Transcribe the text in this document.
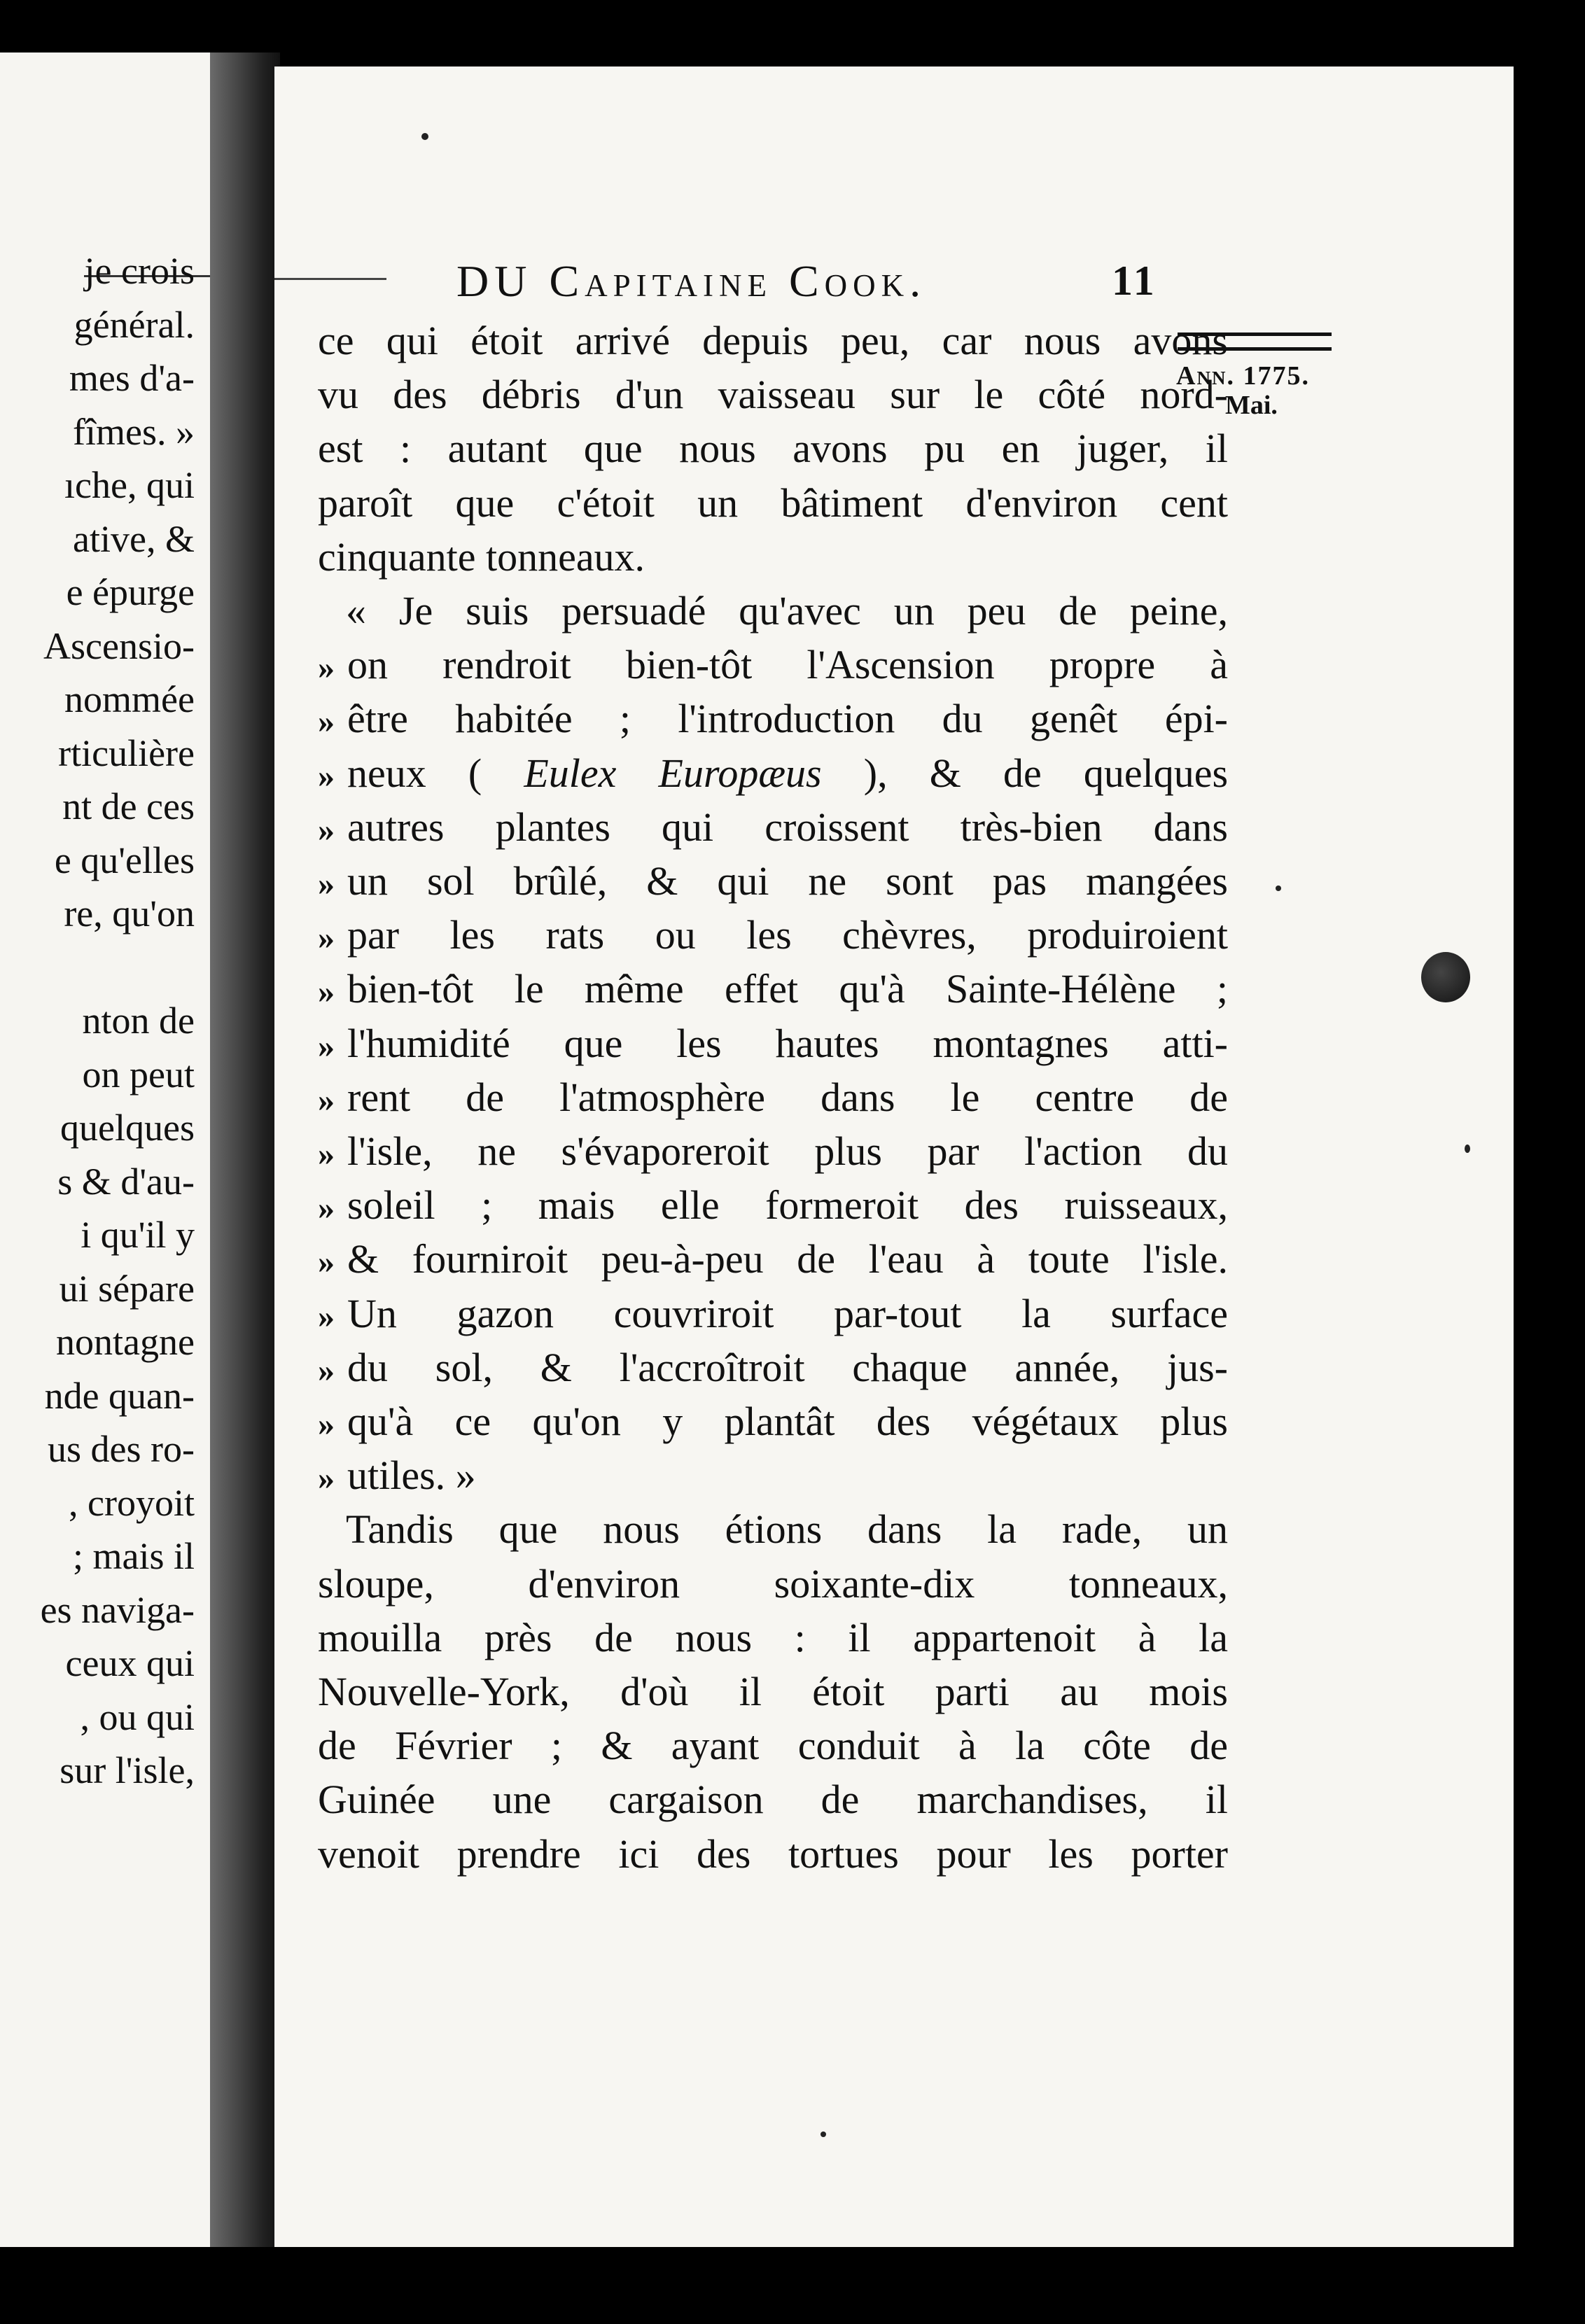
je crois
général.
mes d'a-
fîmes. »
ıche, qui
ative, &
e épurge
Ascensio-
nommée
rticulière
nt de ces
e qu'elles
re, qu'on
nton de
on peut
quelques
s & d'au-
i qu'il y
ui sépare
nontagne
nde quan-
us des ro-
, croyoit
; mais il
es naviga-
ceux qui
, ou qui
sur l'isle,
DU Capitaine Cook.	11
Ann. 1775.
Mai.
ce qui étoit arrivé depuis peu, car nous avons
vu des débris d'un vaisseau sur le côté nord-
est : autant que nous avons pu en juger, il
paroît que c'étoit un bâtiment d'environ cent
cinquante tonneaux.
« Je suis persuadé qu'avec un peu de peine,
» on rendroit bien-tôt l'Ascension propre à
» être habitée ; l'introduction du genêt épi-
» neux ( Eulex Europæus ), & de quelques
» autres plantes qui croissent très-bien dans
» un sol brûlé, & qui ne sont pas mangées
» par les rats ou les chèvres, produiroient
» bien-tôt le même effet qu'à Sainte-Hélène ;
» l'humidité que les hautes montagnes atti-
» rent de l'atmosphère dans le centre de
» l'isle, ne s'évaporeroit plus par l'action du
» soleil ; mais elle formeroit des ruisseaux,
» & fourniroit peu-à-peu de l'eau à toute l'isle.
» Un gazon couvriroit par-tout la surface
» du sol, & l'accroîtroit chaque année, jus-
» qu'à ce qu'on y plantât des végétaux plus
» utiles. »
Tandis que nous étions dans la rade, un
sloupe, d'environ soixante-dix tonneaux,
mouilla près de nous : il appartenoit à la
Nouvelle-York, d'où il étoit parti au mois
de Février ; & ayant conduit à la côte de
Guinée une cargaison de marchandises, il
venoit prendre ici des tortues pour les porter
